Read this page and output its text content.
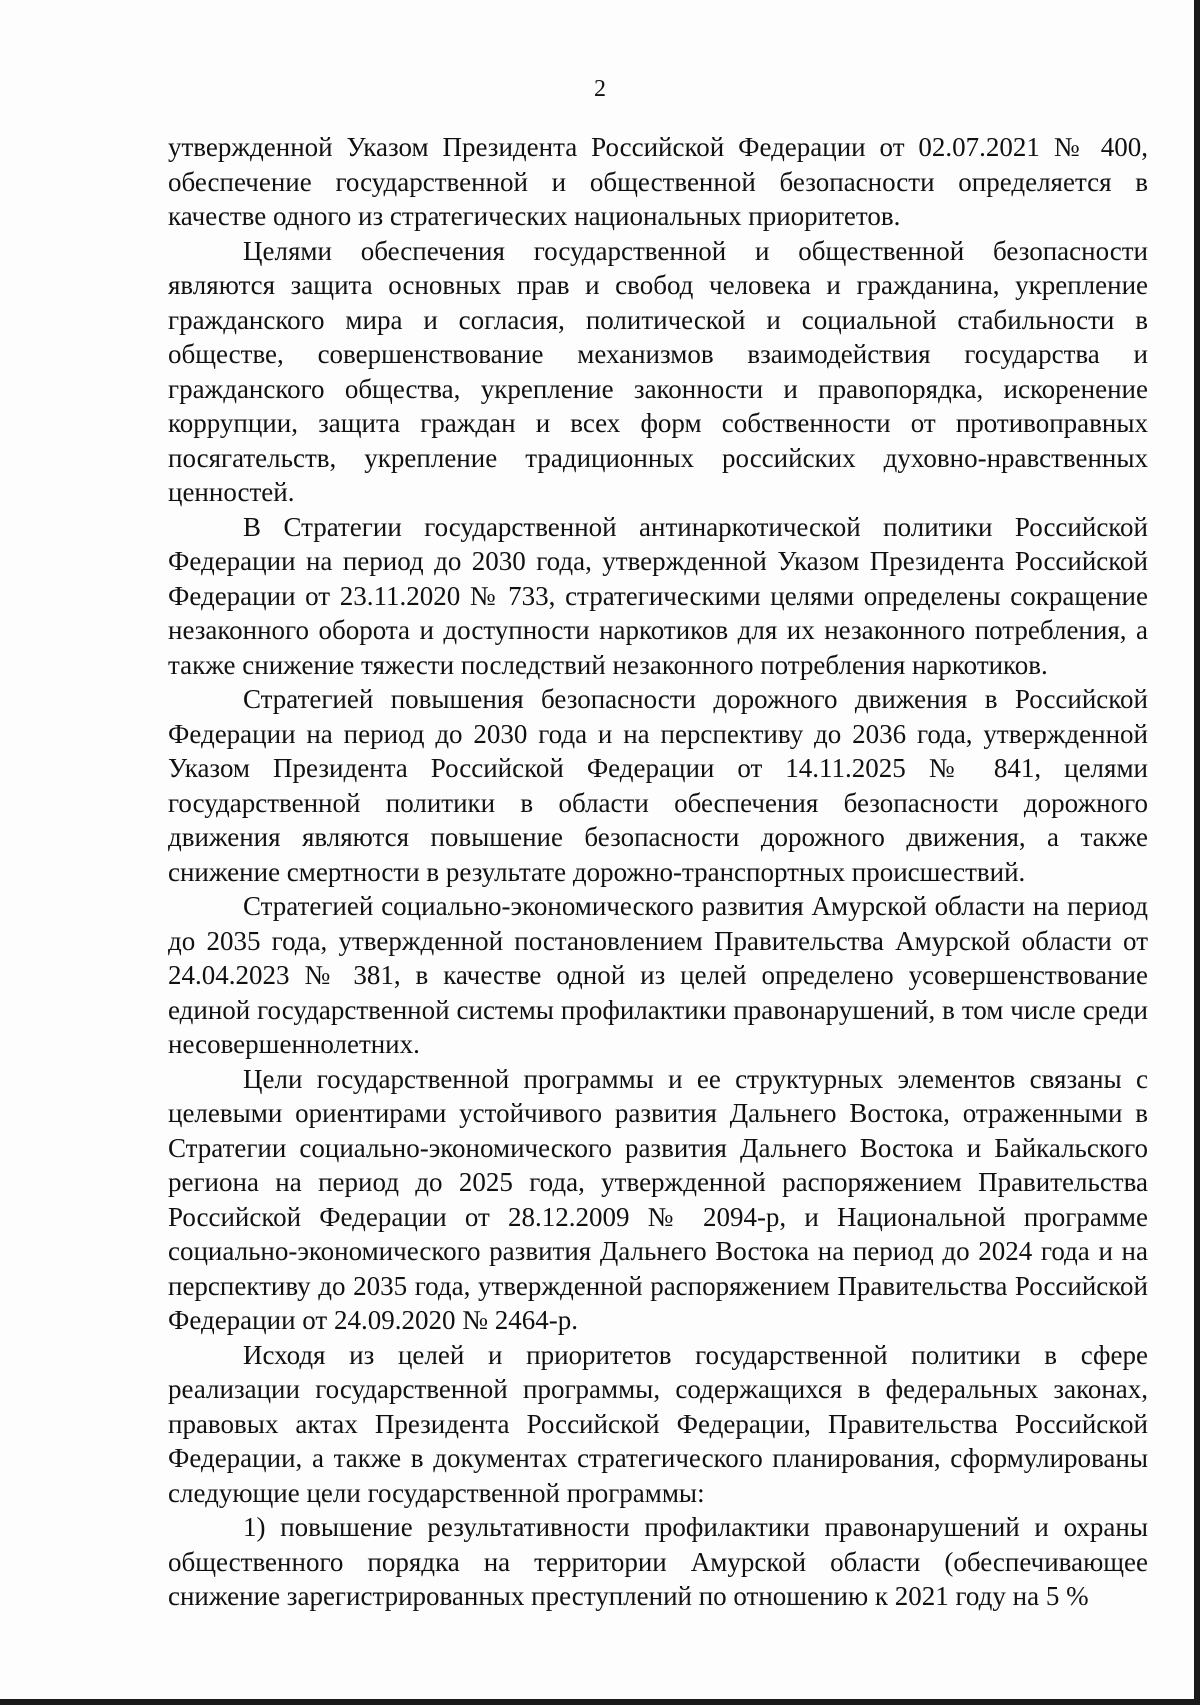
2

утвержденной Указом Президента Российской Федерации от 02.07.2021 № 400, обеспечение государственной и общественной безопасности определяется в качестве одного из стратегических национальных приоритетов.

Целями обеспечения государственной и общественной безопасности являются защита основных прав и свобод человека и гражданина, укрепление гражданского мира и согласия, политической и социальной стабильности в обществе, совершенствование механизмов взаимодействия государства и гражданского общества, укрепление законности и правопорядка, искоренение коррупции, защита граждан и всех форм собственности от противоправных посягательств, укрепление традиционных российских духовно-нравственных ценностей.

В Стратегии государственной антинаркотической политики Российской Федерации на период до 2030 года, утвержденной Указом Президента Российской Федерации от 23.11.2020 № 733, стратегическими целями определены сокращение незаконного оборота и доступности наркотиков для их незаконного потребления, а также снижение тяжести последствий незаконного потребления наркотиков.

Стратегией повышения безопасности дорожного движения в Российской Федерации на период до 2030 года и на перспективу до 2036 года, утвержденной Указом Президента Российской Федерации от 14.11.2025 № 841, целями государственной политики в области обеспечения безопасности дорожного движения являются повышение безопасности дорожного движения, а также снижение смертности в результате дорожно-транспортных происшествий.

Стратегией социально-экономического развития Амурской области на период до 2035 года, утвержденной постановлением Правительства Амурской области от 24.04.2023 № 381, в качестве одной из целей определено усовершенствование единой государственной системы профилактики правонарушений, в том числе среди несовершеннолетних.

Цели государственной программы и ее структурных элементов связаны с целевыми ориентирами устойчивого развития Дальнего Востока, отраженными в Стратегии социально-экономического развития Дальнего Востока и Байкальского региона на период до 2025 года, утвержденной распоряжением Правительства Российской Федерации от 28.12.2009 № 2094-р, и Национальной программе социально-экономического развития Дальнего Востока на период до 2024 года и на перспективу до 2035 года, утвержденной распоряжением Правительства Российской Федерации от 24.09.2020 № 2464-р.

Исходя из целей и приоритетов государственной политики в сфере реализации государственной программы, содержащихся в федеральных законах, правовых актах Президента Российской Федерации, Правительства Российской Федерации, а также в документах стратегического планирования, сформулированы следующие цели государственной программы:

1) повышение результативности профилактики правонарушений и охраны общественного порядка на территории Амурской области (обеспечивающее снижение зарегистрированных преступлений по отношению к 2021 году на 5 %
